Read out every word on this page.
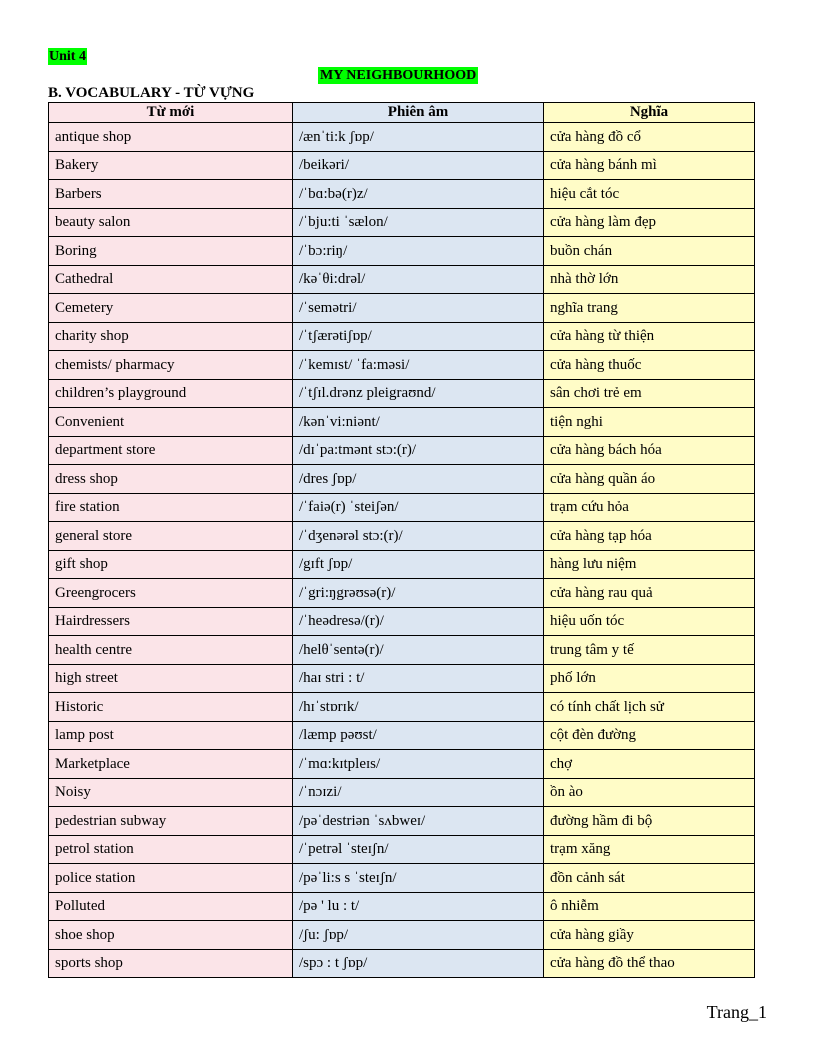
Unit 4
MY NEIGHBOURHOOD
B. VOCABULARY - TỪ VỰNG
Từ mới	Phiên âm	Nghĩa
antique shop	/ænˈti:k ʃɒp/	cửa hàng đồ cổ
Bakery	/beikəri/	cửa hàng bánh mì
Barbers	/ˈbɑ:bə(r)z/	hiệu cắt tóc
beauty salon	/ˈbju:ti ˈsælon/	cửa hàng làm đẹp
Boring	/ˈbɔ:riŋ/	buồn chán
Cathedral	/kəˈθi:drəl/	nhà thờ lớn
Cemetery	/ˈsemətri/	nghĩa trang
charity shop	/ˈtʃærətiʃɒp/	cửa hàng từ thiện
chemists/ pharmacy	/ˈkemɪst/ ˈfa:məsi/	cửa hàng thuốc
children’s playground	/ˈtʃɪl.drənz pleigraʊnd/	sân chơi trẻ em
Convenient	/kənˈvi:niənt/	tiện nghi
department store	/dɪˈpa:tmənt stɔ:(r)/	cửa hàng bách hóa
dress shop	/dres ʃɒp/	cửa hàng quần áo
fire station	/ˈfaiə(r) ˈsteiʃən/	trạm cứu hỏa
general store	/ˈdʒenərəl stɔ:(r)/	cửa hàng tạp hóa
gift shop	/gɪft ʃɒp/	hàng lưu niệm
Greengrocers	/ˈgri:ŋgrəʊsə(r)/	cửa hàng rau quả
Hairdressers	/ˈheədresə/(r)/	hiệu uốn tóc
health centre	/helθˈsentə(r)/	trung tâm y tế
high street	/haɪ stri : t/	phố lớn
Historic	/hɪˈstɒrɪk/	có tính chất lịch sử
lamp post	/læmp pəʊst/	cột đèn đường
Marketplace	/ˈmɑ:kɪtpleɪs/	chợ
Noisy	/ˈnɔɪzi/	ồn ào
pedestrian subway	/pəˈdestriən ˈsʌbweɪ/	đường hầm đi bộ
petrol station	/ˈpetrəl ˈsteɪʃn/	trạm xăng
police station	/pəˈli:s s ˈsteɪʃn/	đồn cảnh sát
Polluted	/pə ' lu : t/	ô nhiễm
shoe shop	/ʃu: ʃɒp/	cửa hàng giầy
sports shop	/spɔ : t ʃɒp/	cửa hàng đồ thể thao
Trang_1
